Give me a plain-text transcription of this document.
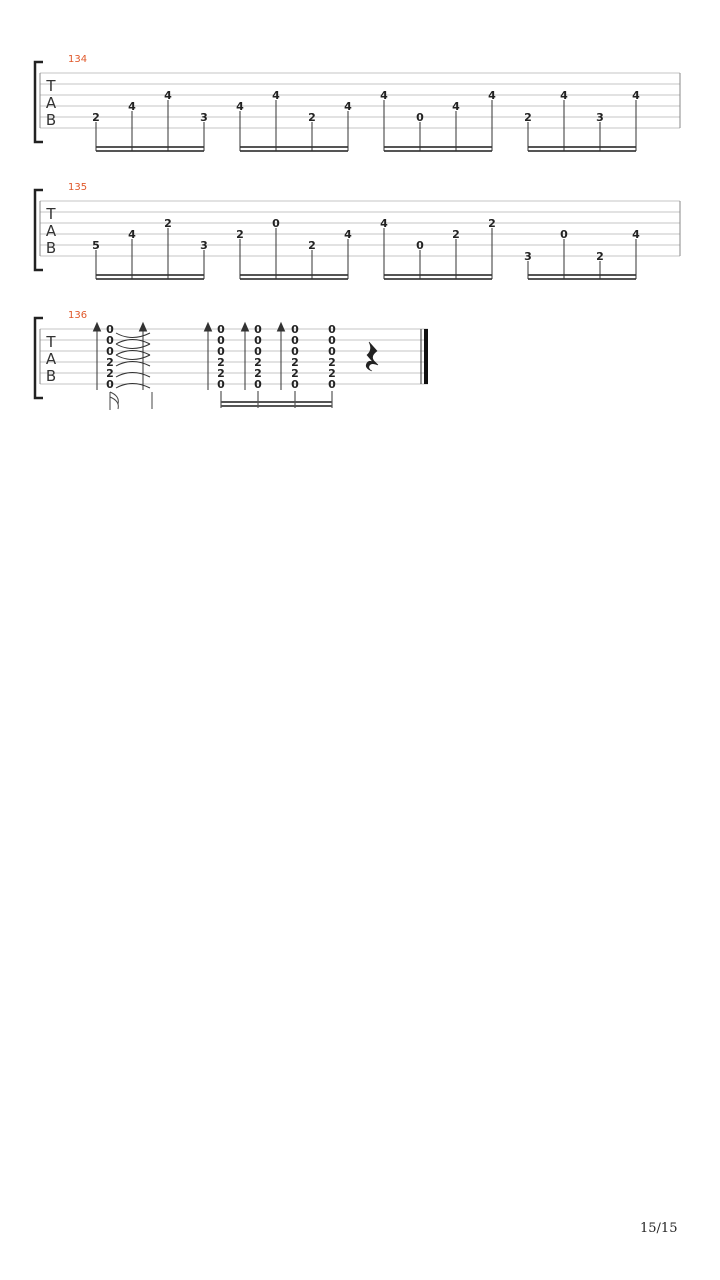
T
A
B
134
2
4
4
3
4
4
2
4
4
0
4
4
2
4
3
4
T
A
B
135
5
4
2
3
2
0
2
4
4
0
2
2
3
0
2
4
T
A
B
136
0
0
0
2
2
0
0
0
0
2
2
0
0
0
0
2
2
0
0
0
0
2
2
0
0
0
0
2
2
0
15/15
